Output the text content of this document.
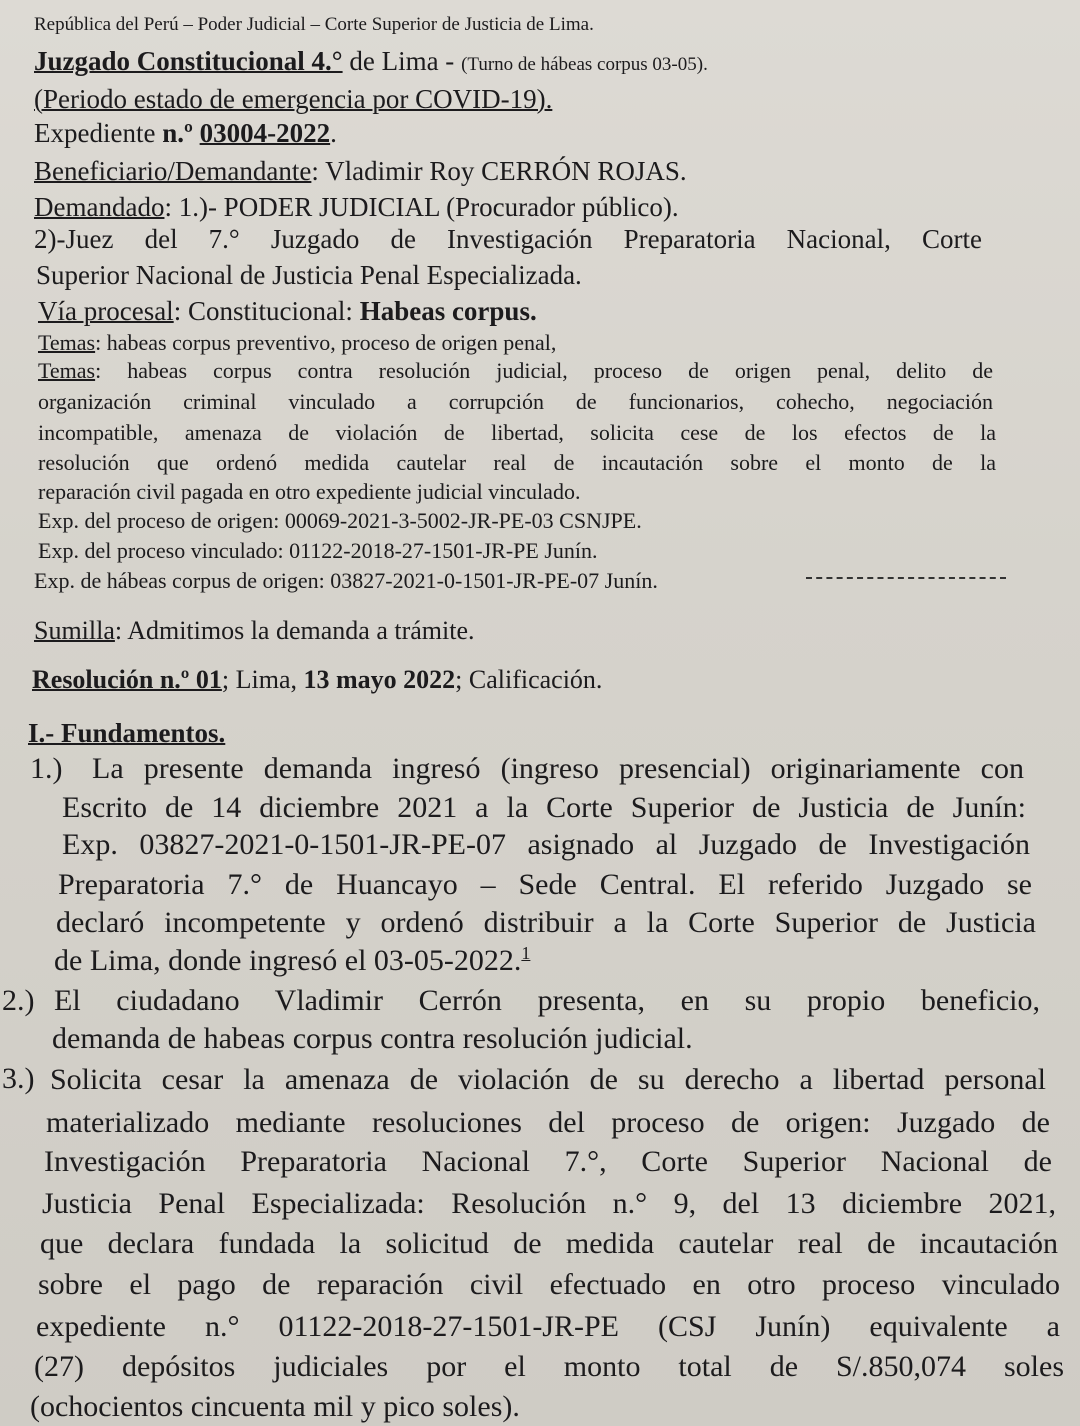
República del Perú – Poder Judicial – Corte Superior de Justicia de Lima.
Juzgado Constitucional 4.° de Lima - (Turno de hábeas corpus 03-05).
(Periodo estado de emergencia por COVID-19).
Expediente n.º 03004-2022.
Beneficiario/Demandante: Vladimir Roy CERRÓN ROJAS.
Demandado: 1.)- PODER JUDICIAL (Procurador público).
2)-Juez del 7.° Juzgado de Investigación Preparatoria Nacional, Corte
Superior Nacional de Justicia Penal Especializada.
Vía procesal: Constitucional: Habeas corpus.
Temas: habeas corpus preventivo, proceso de origen penal,
Temas: habeas corpus contra resolución judicial, proceso de origen penal, delito de
organización criminal vinculado a corrupción de funcionarios, cohecho, negociación
incompatible, amenaza de violación de libertad, solicita cese de los efectos de la
resolución que ordenó medida cautelar real de incautación sobre el monto de la
reparación civil pagada en otro expediente judicial vinculado.
Exp. del proceso de origen: 00069-2021-3-5002-JR-PE-03 CSNJPE.
Exp. del proceso vinculado: 01122-2018-27-1501-JR-PE Junín.
Exp. de hábeas corpus de origen: 03827-2021-0-1501-JR-PE-07 Junín.
Sumilla: Admitimos la demanda a trámite.
Resolución n.º 01; Lima, 13 mayo 2022; Calificación.
I.- Fundamentos.
1.) La presente demanda ingresó (ingreso presencial) originariamente con
Escrito de 14 diciembre 2021 a la Corte Superior de Justicia de Junín:
Exp. 03827-2021-0-1501-JR-PE-07 asignado al Juzgado de Investigación
Preparatoria 7.° de Huancayo – Sede Central. El referido Juzgado se
declaró incompetente y ordenó distribuir a la Corte Superior de Justicia
de Lima, donde ingresó el 03-05-2022.$^1$
2.) El ciudadano Vladimir Cerrón presenta, en su propio beneficio,
demanda de habeas corpus contra resolución judicial.
3.) Solicita cesar la amenaza de violación de su derecho a libertad personal
materializado mediante resoluciones del proceso de origen: Juzgado de
Investigación Preparatoria Nacional 7.°, Corte Superior Nacional de
Justicia Penal Especializada: Resolución n.° 9, del 13 diciembre 2021,
que declara fundada la solicitud de medida cautelar real de incautación
sobre el pago de reparación civil efectuado en otro proceso vinculado
expediente n.° 01122-2018-27-1501-JR-PE (CSJ Junín) equivalente a
(27) depósitos judiciales por el monto total de S/.850,074 soles
(ochocientos cincuenta mil y pico soles).
